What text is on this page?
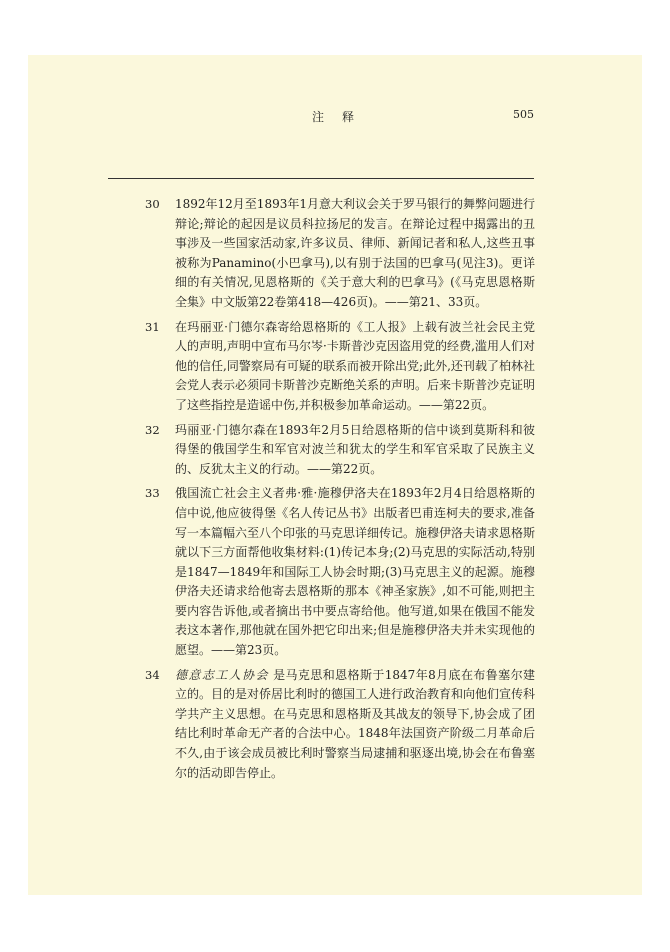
注释	505
30	1892年12月至1893年1月意大利议会关于罗马银行的舞弊问题进行辩论;辩论的起因是议员科拉扬尼的发言。在辩论过程中揭露出的丑事涉及一些国家活动家,许多议员、律师、新闻记者和私人,这些丑事被称为Panamino(小巴拿马),以有别于法国的巴拿马(见注3)。更详细的有关情况,见恩格斯的《关于意大利的巴拿马》(《马克思恩格斯全集》中文版第22卷第418—426页)。——第21、33页。
31	在玛丽亚·门德尔森寄给恩格斯的《工人报》上载有波兰社会民主党人的声明,声明中宣布马尔岑·卡斯普沙克因盗用党的经费,滥用人们对他的信任,同警察局有可疑的联系而被开除出党;此外,还刊载了柏林社会党人表示必须同卡斯普沙克断绝关系的声明。后来卡斯普沙克证明了这些指控是造谣中伤,并积极参加革命运动。——第22页。
32	玛丽亚·门德尔森在1893年2月5日给恩格斯的信中谈到莫斯科和彼得堡的俄国学生和军官对波兰和犹太的学生和军官采取了民族主义的、反犹太主义的行动。——第22页。
33	俄国流亡社会主义者弗·雅·施穆伊洛夫在1893年2月4日给恩格斯的信中说,他应彼得堡《名人传记丛书》出版者巴甫连柯夫的要求,准备写一本篇幅六至八个印张的马克思详细传记。施穆伊洛夫请求恩格斯就以下三方面帮他收集材料:(1)传记本身;(2)马克思的实际活动,特别是1847—1849年和国际工人协会时期;(3)马克思主义的起源。施穆伊洛夫还请求给他寄去恩格斯的那本《神圣家族》,如不可能,则把主要内容告诉他,或者摘出书中要点寄给他。他写道,如果在俄国不能发表这本著作,那他就在国外把它印出来;但是施穆伊洛夫并未实现他的愿望。——第23页。
34	德意志工人协会 是马克思和恩格斯于1847年8月底在布鲁塞尔建立的。目的是对侨居比利时的德国工人进行政治教育和向他们宣传科学共产主义思想。在马克思和恩格斯及其战友的领导下,协会成了团结比利时革命无产者的合法中心。1848年法国资产阶级二月革命后不久,由于该会成员被比利时警察当局逮捕和驱逐出境,协会在布鲁塞尔的活动即告停止。
